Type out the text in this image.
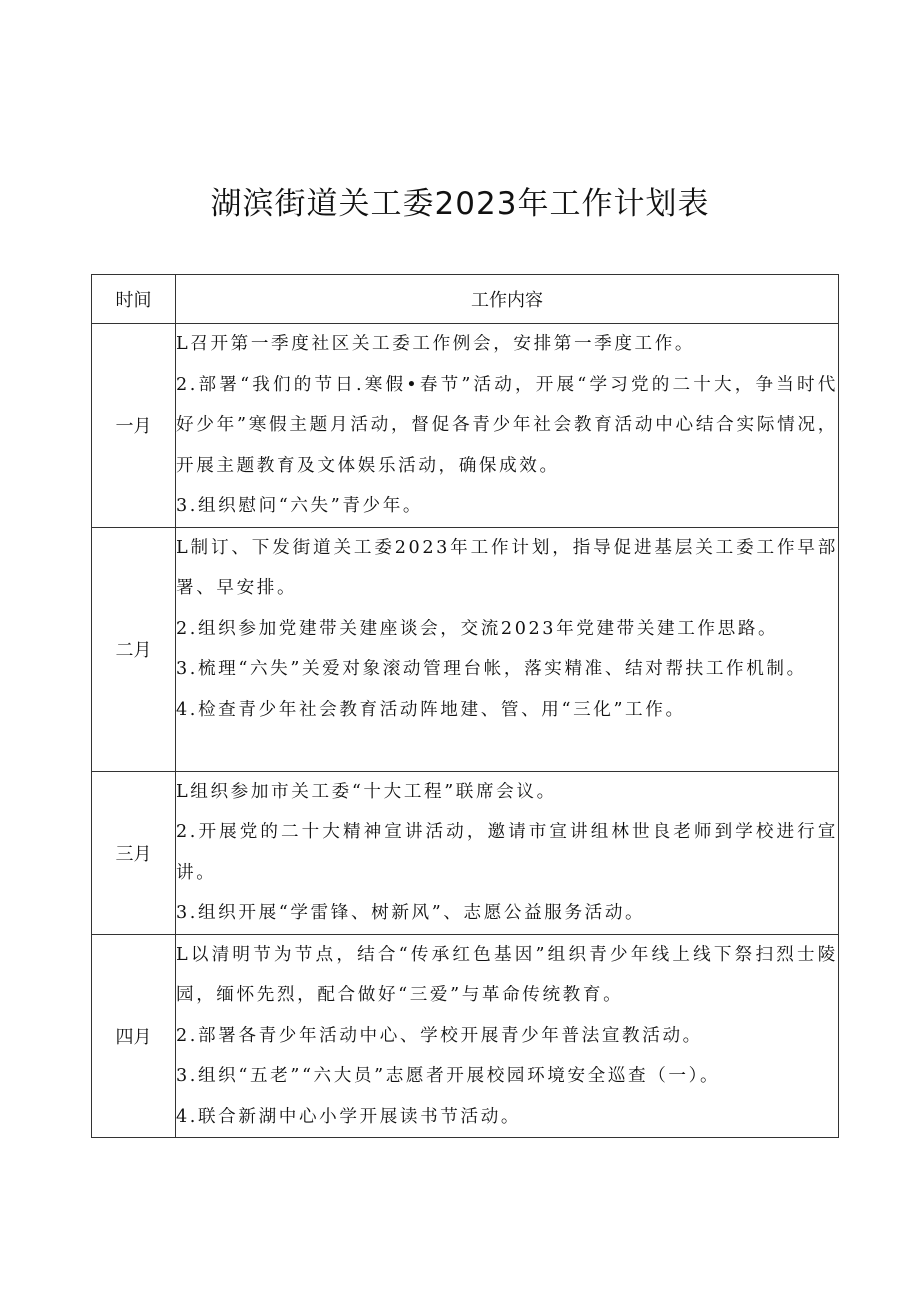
湖滨街道关工委2023年工作计划表
时间	工作内容
一月	L召开第一季度社区关工委工作例会，安排第一季度工作。

2.部署“我们的节日.寒假•春节”活动，开展“学习党的二十大，争当时代好少年”寒假主题月活动，督促各青少年社会教育活动中心结合实际情况，开展主题教育及文体娱乐活动，确保成效。

3.组织慰问“六失”青少年。

二月	L制订、下发街道关工委2023年工作计划，指导促进基层关工委工作早部署、早安排。

2.组织参加党建带关建座谈会，交流2023年党建带关建工作思路。

3.梳理“六失”关爱对象滚动管理台帐，落实精准、结对帮扶工作机制。

4.检查青少年社会教育活动阵地建、管、用“三化”工作。

三月	L组织参加市关工委“十大工程”联席会议。

2.开展党的二十大精神宣讲活动，邀请市宣讲组林世良老师到学校进行宣讲。

3.组织开展“学雷锋、树新风”、志愿公益服务活动。

四月	L以清明节为节点，结合“传承红色基因”组织青少年线上线下祭扫烈士陵园，缅怀先烈，配合做好“三爱”与革命传统教育。

2.部署各青少年活动中心、学校开展青少年普法宣教活动。

3.组织“五老”“六大员”志愿者开展校园环境安全巡查（一）。

4.联合新湖中心小学开展读书节活动。
